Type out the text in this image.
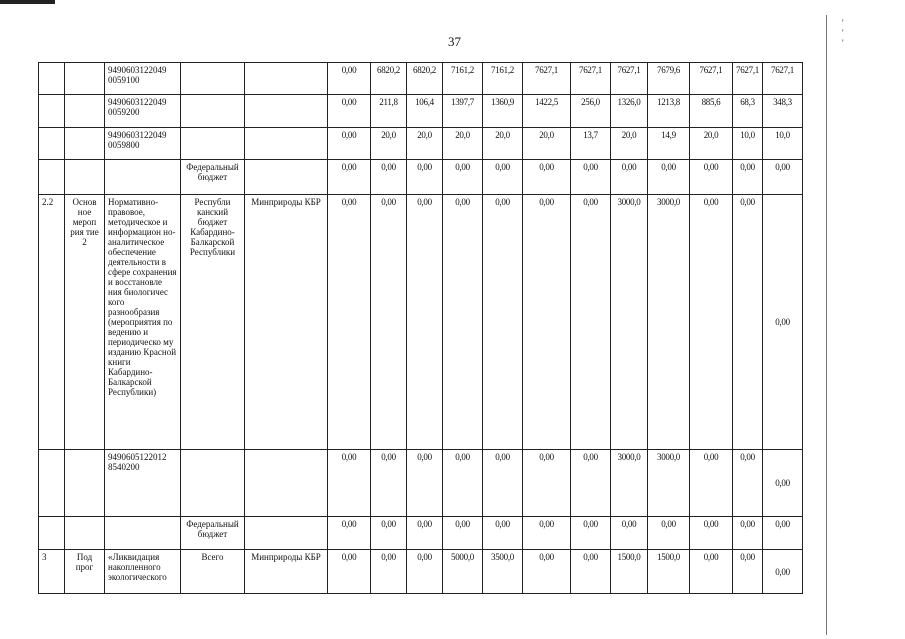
37
' ' '
		9490603122049 0059100			0,00	6820,2	6820,2	7161,2	7161,2	7627,1	7627,1	7627,1	7679,6	7627,1	7627,1	7627,1
		9490603122049 0059200			0,00	211,8	106,4	1397,7	1360,9	1422,5	256,0	1326,0	1213,8	885,6	68,3	348,3
		9490603122049 0059800			0,00	20,0	20,0	20,0	20,0	20,0	13,7	20,0	14,9	20,0	10,0	10,0
			Федеральный бюджет		0,00	0,00	0,00	0,00	0,00	0,00	0,00	0,00	0,00	0,00	0,00	0,00
2.2	Основ ное мероп рия тие 2	Нормативно-правовое, методическое и информацион но-аналитическое обеспечение деятельности в сфере сохранения и восстановле ния биологичес кого разнообразия (мероприятия по ведению и периодическо му изданию Красной книги Кабардино-Балкарской Республики)	Республи канский бюджет Кабардино-Балкарской Республики	Минприроды КБР	0,00	0,00	0,00	0,00	0,00	0,00	0,00	3000,0	3000,0	0,00	0,00	0,00
		9490605122012 8540200			0,00	0,00	0,00	0,00	0,00	0,00	0,00	3000,0	3000,0	0,00	0,00	0,00
			Федеральный бюджет		0,00	0,00	0,00	0,00	0,00	0,00	0,00	0,00	0,00	0,00	0,00	0,00
3	Под прог	«Ликвидация накопленного экологического	Всего	Минприроды КБР	0,00	0,00	0,00	5000,0	3500,0	0,00	0,00	1500,0	1500,0	0,00	0,00	0,00
